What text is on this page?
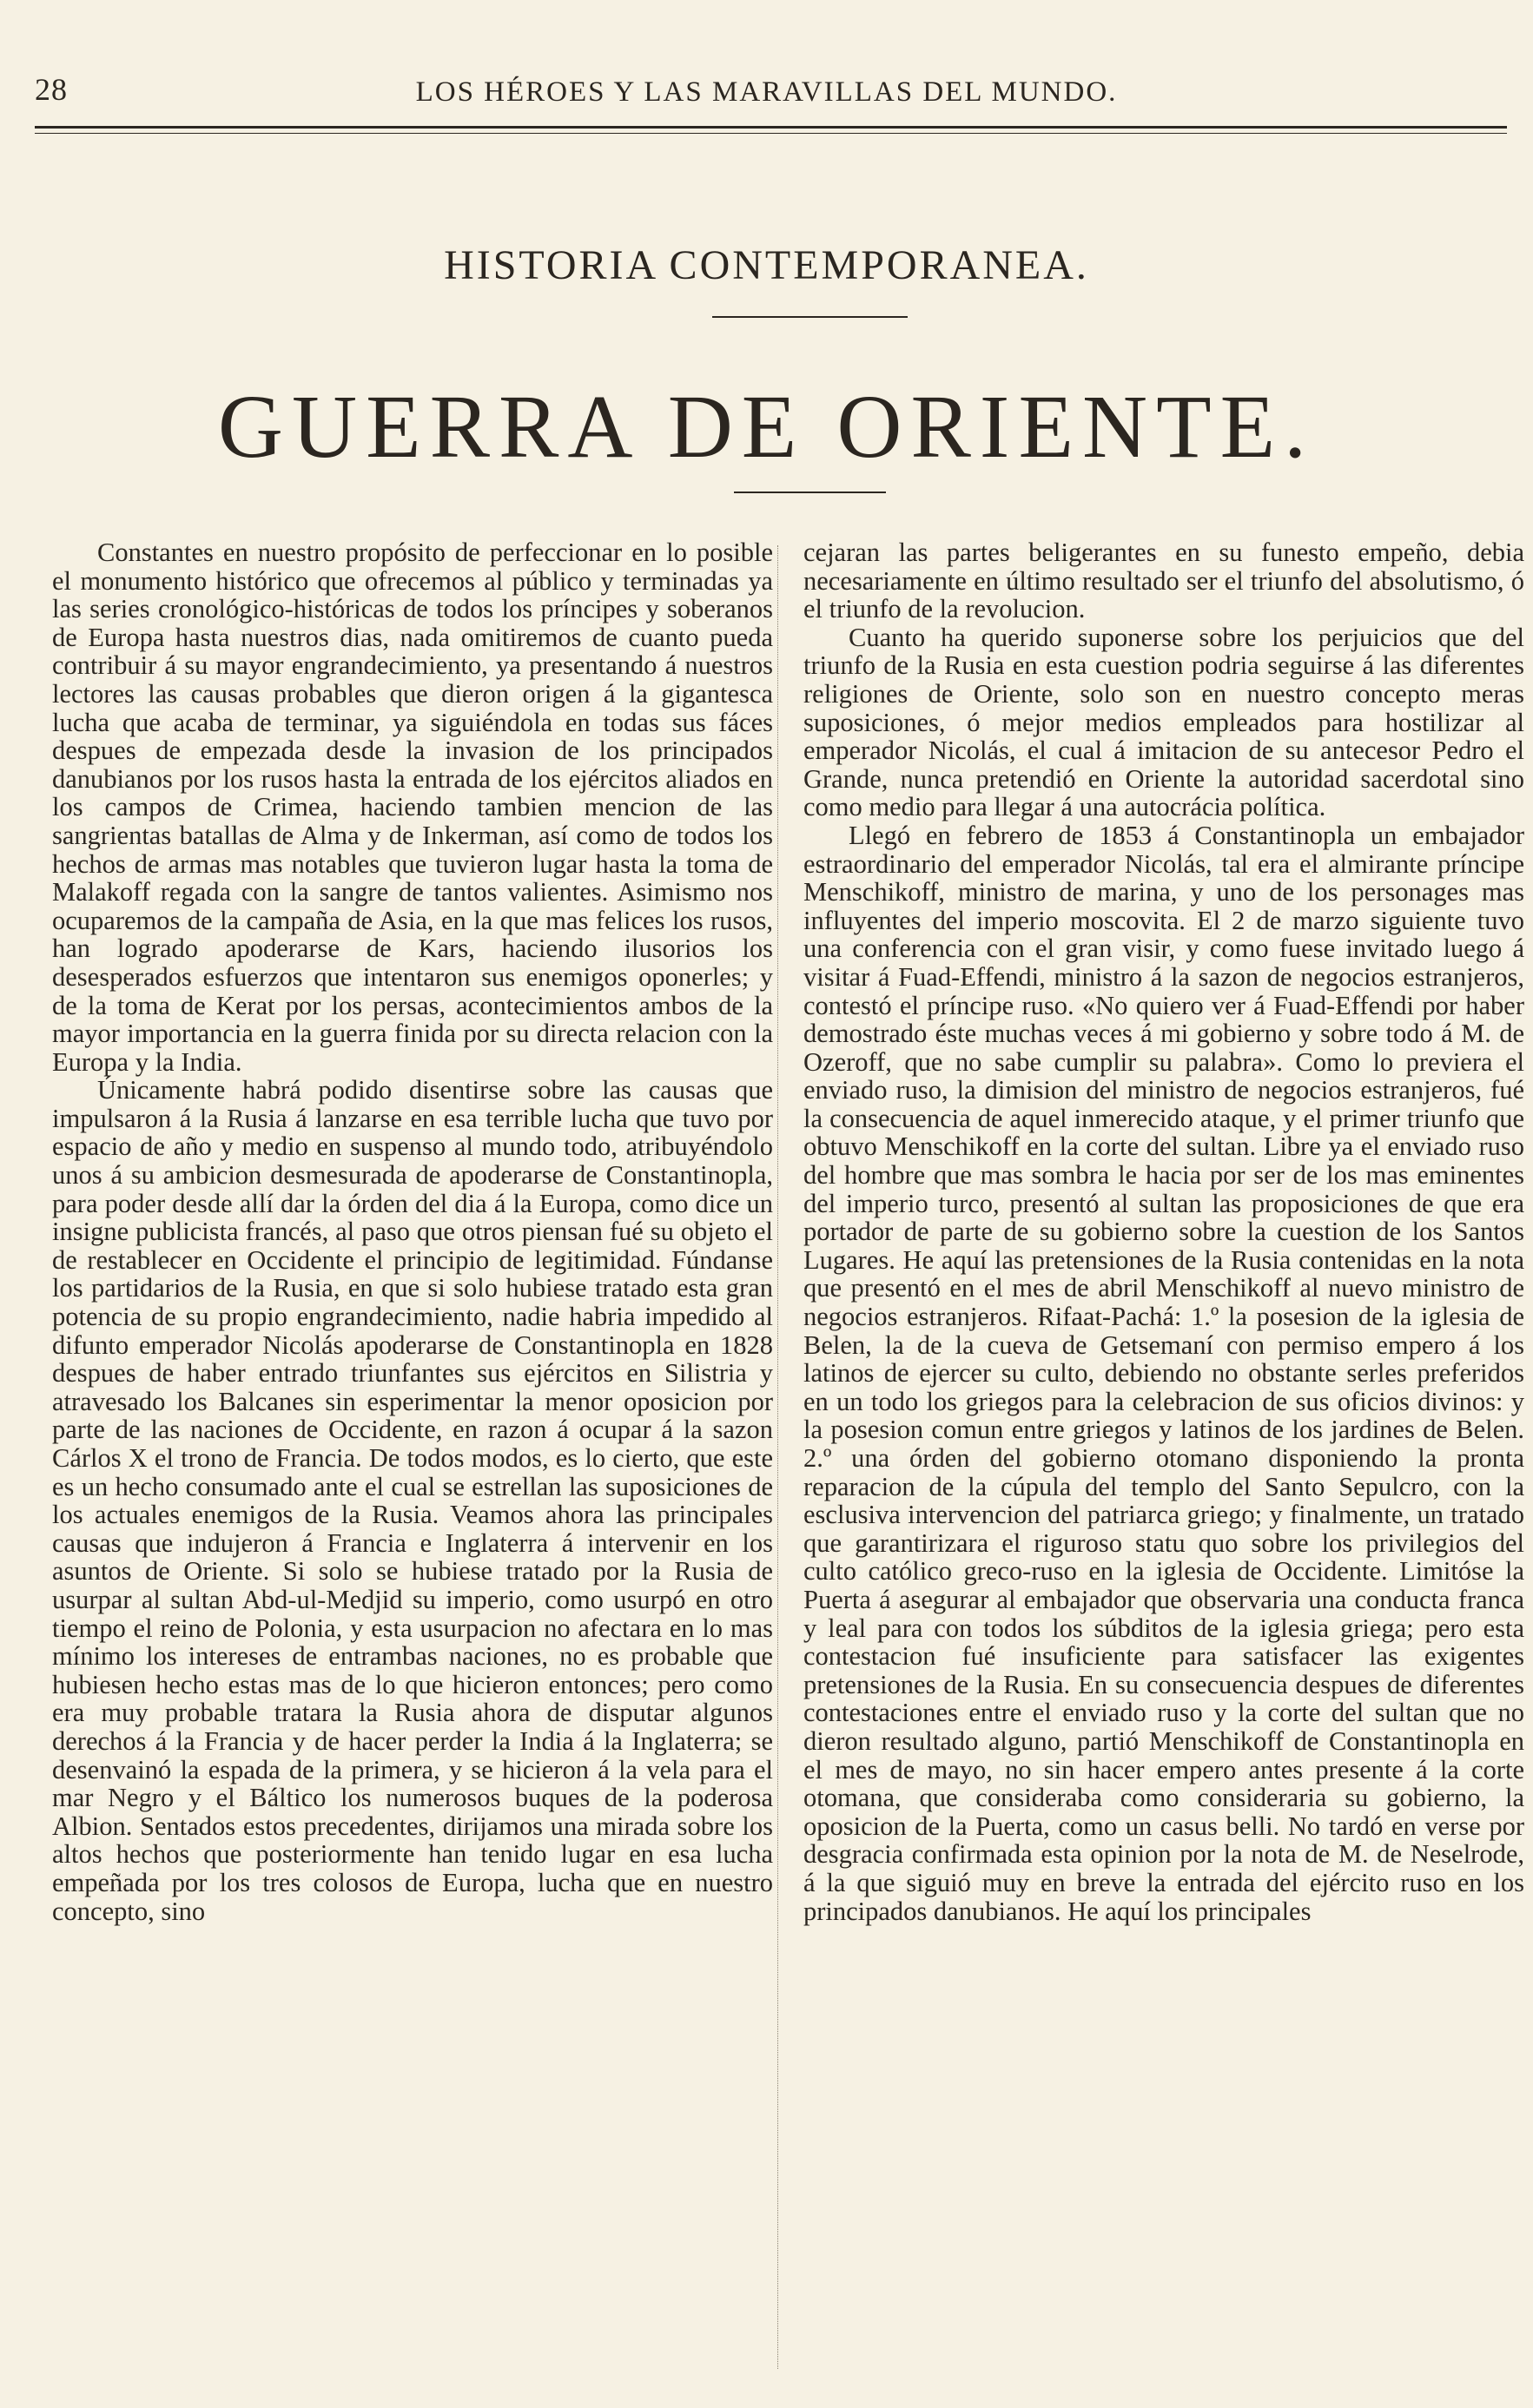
28	LOS HÉROES Y LAS MARAVILLAS DEL MUNDO.
HISTORIA CONTEMPORANEA.
GUERRA DE ORIENTE.

Constantes en nuestro propósito de perfeccionar en lo posible el monumento histórico que ofrecemos al público y terminadas ya las series cronológico-históricas de todos los príncipes y soberanos de Europa hasta nuestros dias, nada omitiremos de cuanto pueda contribuir á su mayor engrandecimiento, ya presentando á nuestros lectores las causas probables que dieron origen á la gigantesca lucha que acaba de terminar, ya siguiéndola en todas sus fáces despues de empezada desde la invasion de los principados danubianos por los rusos hasta la entrada de los ejércitos aliados en los campos de Crimea, haciendo tambien mencion de las sangrientas batallas de Alma y de Inkerman, así como de todos los hechos de armas mas notables que tuvieron lugar hasta la toma de Malakoff regada con la sangre de tantos valientes. Asimismo nos ocuparemos de la campaña de Asia, en la que mas felices los rusos, han logrado apoderarse de Kars, haciendo ilusorios los desesperados esfuerzos que intentaron sus enemigos oponerles; y de la toma de Kerat por los persas, acontecimientos ambos de la mayor importancia en la guerra finida por su directa relacion con la Europa y la India.

Únicamente habrá podido disentirse sobre las causas que impulsaron á la Rusia á lanzarse en esa terrible lucha que tuvo por espacio de año y medio en suspenso al mundo todo, atribuyéndolo unos á su ambicion desmesurada de apoderarse de Constantinopla, para poder desde allí dar la órden del dia á la Europa, como dice un insigne publicista francés, al paso que otros piensan fué su objeto el de restablecer en Occidente el principio de legitimidad. Fúndanse los partidarios de la Rusia, en que si solo hubiese tratado esta gran potencia de su propio engrandecimiento, nadie habria impedido al difunto emperador Nicolás apoderarse de Constantinopla en 1828 despues de haber entrado triunfantes sus ejércitos en Silistria y atravesado los Balcanes sin esperimentar la menor oposicion por parte de las naciones de Occidente, en razon á ocupar á la sazon Cárlos X el trono de Francia. De todos modos, es lo cierto, que este es un hecho consumado ante el cual se estrellan las suposiciones de los actuales enemigos de la Rusia. Veamos ahora las principales causas que indujeron á Francia e Inglaterra á intervenir en los asuntos de Oriente. Si solo se hubiese tratado por la Rusia de usurpar al sultan Abd-ul-Medjid su imperio, como usurpó en otro tiempo el reino de Polonia, y esta usurpacion no afectara en lo mas mínimo los intereses de entrambas naciones, no es probable que hubiesen hecho estas mas de lo que hicieron entonces; pero como era muy probable tratara la Rusia ahora de disputar algunos derechos á la Francia y de hacer perder la India á la Inglaterra; se desenvainó la espada de la primera, y se hicieron á la vela para el mar Negro y el Báltico los numerosos buques de la poderosa Albion. Sentados estos precedentes, dirijamos una mirada sobre los altos hechos que posteriormente han tenido lugar en esa lucha empeñada por los tres colosos de Europa, lucha que en nuestro concepto, sino

cejaran las partes beligerantes en su funesto empeño, debia necesariamente en último resultado ser el triunfo del absolutismo, ó el triunfo de la revolucion.

Cuanto ha querido suponerse sobre los perjuicios que del triunfo de la Rusia en esta cuestion podria seguirse á las diferentes religiones de Oriente, solo son en nuestro concepto meras suposiciones, ó mejor medios empleados para hostilizar al emperador Nicolás, el cual á imitacion de su antecesor Pedro el Grande, nunca pretendió en Oriente la autoridad sacerdotal sino como medio para llegar á una autocrácia política.

Llegó en febrero de 1853 á Constantinopla un embajador estraordinario del emperador Nicolás, tal era el almirante príncipe Menschikoff, ministro de marina, y uno de los personages mas influyentes del imperio moscovita. El 2 de marzo siguiente tuvo una conferencia con el gran visir, y como fuese invitado luego á visitar á Fuad-Effendi, ministro á la sazon de negocios estranjeros, contestó el príncipe ruso. «No quiero ver á Fuad-Effendi por haber demostrado éste muchas veces á mi gobierno y sobre todo á M. de Ozeroff, que no sabe cumplir su palabra». Como lo previera el enviado ruso, la dimision del ministro de negocios estranjeros, fué la consecuencia de aquel inmerecido ataque, y el primer triunfo que obtuvo Menschikoff en la corte del sultan. Libre ya el enviado ruso del hombre que mas sombra le hacia por ser de los mas eminentes del imperio turco, presentó al sultan las proposiciones de que era portador de parte de su gobierno sobre la cuestion de los Santos Lugares. He aquí las pretensiones de la Rusia contenidas en la nota que presentó en el mes de abril Menschikoff al nuevo ministro de negocios estranjeros. Rifaat-Pachá: 1.º la posesion de la iglesia de Belen, la de la cueva de Getsemaní con permiso empero á los latinos de ejercer su culto, debiendo no obstante serles preferidos en un todo los griegos para la celebracion de sus oficios divinos: y la posesion comun entre griegos y latinos de los jardines de Belen. 2.º una órden del gobierno otomano disponiendo la pronta reparacion de la cúpula del templo del Santo Sepulcro, con la esclusiva intervencion del patriarca griego; y finalmente, un tratado que garantirizara el riguroso statu quo sobre los privilegios del culto católico greco-ruso en la iglesia de Occidente. Limitóse la Puerta á asegurar al embajador que observaria una conducta franca y leal para con todos los súbditos de la iglesia griega; pero esta contestacion fué insuficiente para satisfacer las exigentes pretensiones de la Rusia. En su consecuencia despues de diferentes contestaciones entre el enviado ruso y la corte del sultan que no dieron resultado alguno, partió Menschikoff de Constantinopla en el mes de mayo, no sin hacer empero antes presente á la corte otomana, que consideraba como consideraria su gobierno, la oposicion de la Puerta, como un casus belli. No tardó en verse por desgracia confirmada esta opinion por la nota de M. de Neselrode, á la que siguió muy en breve la entrada del ejército ruso en los principados danubianos. He aquí los principales
